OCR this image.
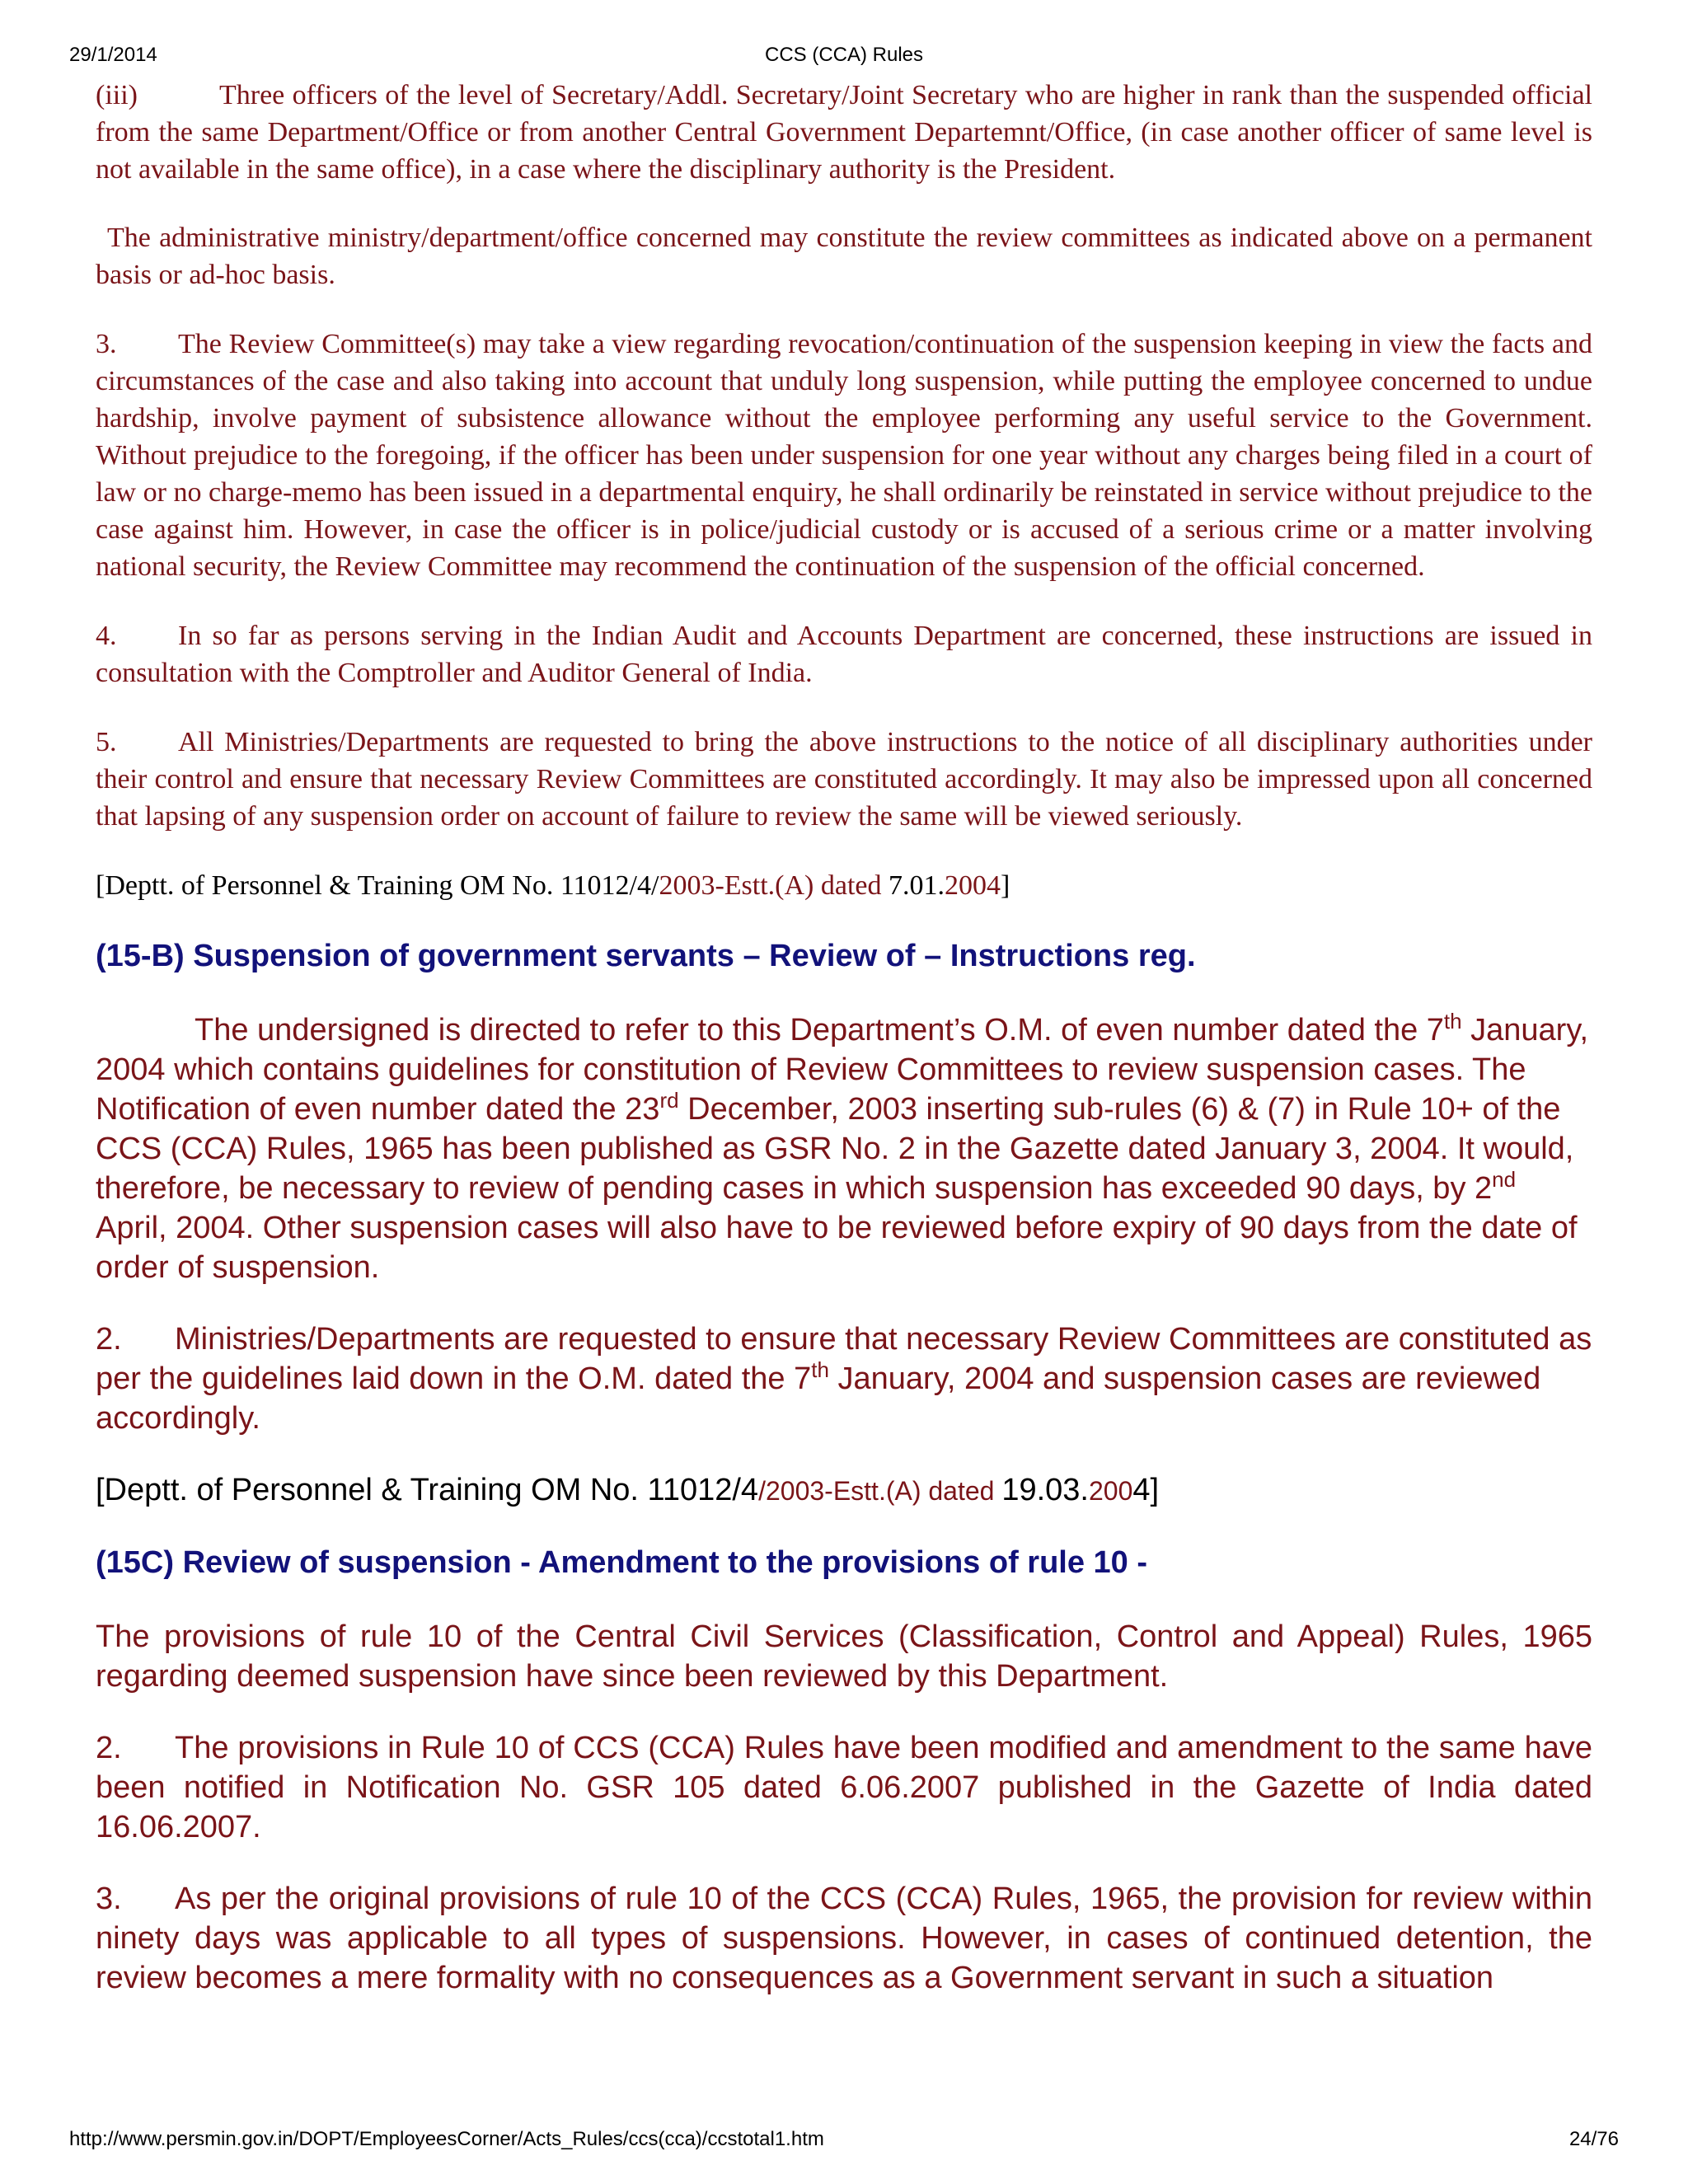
29/1/2014	CCS (CCA) Rules

(iii)	Three officers of the level of Secretary/Addl. Secretary/Joint Secretary who are higher in rank than the suspended official from the same Department/Office or from another Central Government Departemnt/Office, (in case another officer of same level is not available in the same office), in a case where the disciplinary authority is the President.

The administrative ministry/department/office concerned may constitute the review committees as indicated above on a permanent basis or ad-hoc basis.

3. The Review Committee(s) may take a view regarding revocation/continuation of the suspension keeping in view the facts and circumstances of the case and also taking into account that unduly long suspension, while putting the employee concerned to undue hardship, involve payment of subsistence allowance without the employee performing any useful service to the Government. Without prejudice to the foregoing, if the officer has been under suspension for one year without any charges being filed in a court of law or no charge-memo has been issued in a departmental enquiry, he shall ordinarily be reinstated in service without prejudice to the case against him. However, in case the officer is in police/judicial custody or is accused of a serious crime or a matter involving national security, the Review Committee may recommend the continuation of the suspension of the official concerned.

4. In so far as persons serving in the Indian Audit and Accounts Department are concerned, these instructions are issued in consultation with the Comptroller and Auditor General of India.

5. All Ministries/Departments are requested to bring the above instructions to the notice of all disciplinary authorities under their control and ensure that necessary Review Committees are constituted accordingly. It may also be impressed upon all concerned that lapsing of any suspension order on account of failure to review the same will be viewed seriously.

[Deptt. of Personnel & Training OM No. 11012/4/2003-Estt.(A) dated 7.01.2004]

(15-B) Suspension of government servants – Review of – Instructions reg.

The undersigned is directed to refer to this Department’s O.M. of even number dated the 7th January, 2004 which contains guidelines for constitution of Review Committees to review suspension cases. The Notification of even number dated the 23rd December, 2003 inserting sub-rules (6) & (7) in Rule 10+ of the CCS (CCA) Rules, 1965 has been published as GSR No. 2 in the Gazette dated January 3, 2004. It would, therefore, be necessary to review of pending cases in which suspension has exceeded 90 days, by 2nd April, 2004. Other suspension cases will also have to be reviewed before expiry of 90 days from the date of order of suspension.

2. Ministries/Departments are requested to ensure that necessary Review Committees are constituted as per the guidelines laid down in the O.M. dated the 7th January, 2004 and suspension cases are reviewed accordingly.

[Deptt. of Personnel & Training OM No. 11012/4/2003-Estt.(A) dated 19.03.2004]

(15C) Review of suspension - Amendment to the provisions of rule 10 -

The provisions of rule 10 of the Central Civil Services (Classification, Control and Appeal) Rules, 1965 regarding deemed suspension have since been reviewed by this Department.

2. The provisions in Rule 10 of CCS (CCA) Rules have been modified and amendment to the same have been notified in Notification No. GSR 105 dated 6.06.2007 published in the Gazette of India dated 16.06.2007.

3. As per the original provisions of rule 10 of the CCS (CCA) Rules, 1965, the provision for review within ninety days was applicable to all types of suspensions. However, in cases of continued detention, the review becomes a mere formality with no consequences as a Government servant in such a situation

http://www.persmin.gov.in/DOPT/EmployeesCorner/Acts_Rules/ccs(cca)/ccstotal1.htm	24/76
